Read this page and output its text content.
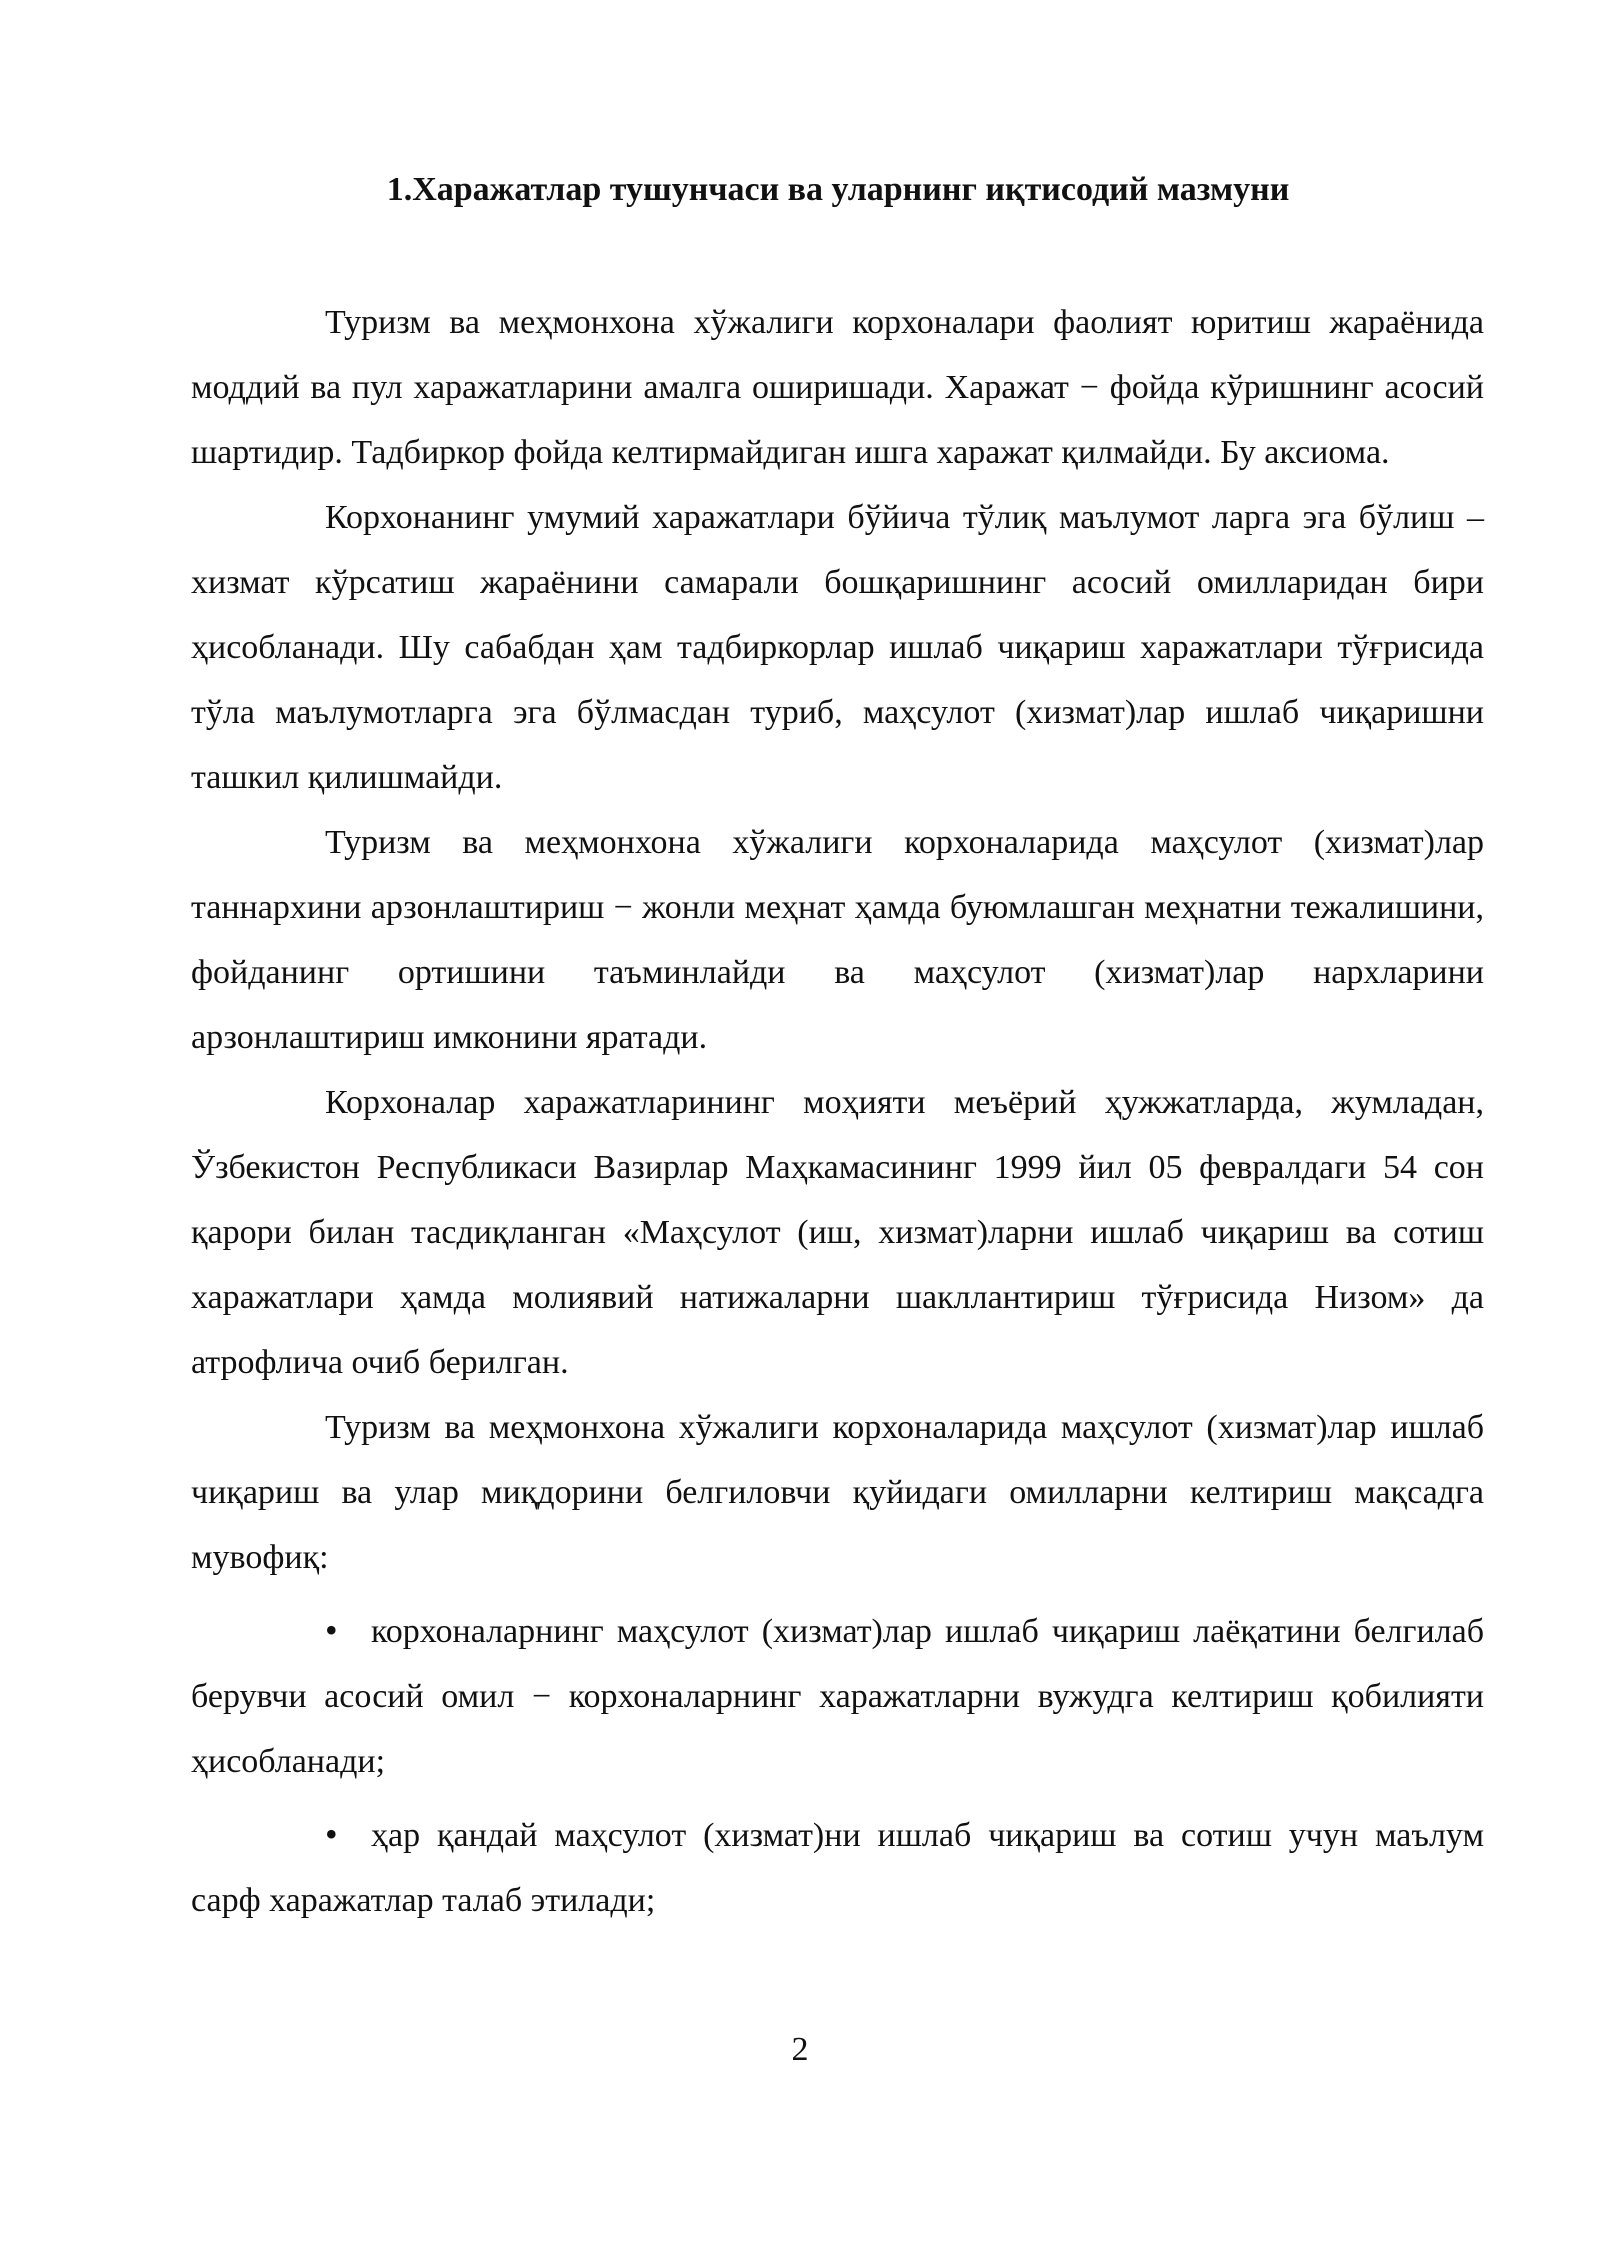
1.Харажатлар тушунчаси ва уларнинг иқтисодий мазмуни

Туризм ва меҳмонхона хўжалиги корхоналари фаолият юритиш жараёнида моддий ва пул харажатларини амалга оширишади. Харажат − фойда кўришнинг асосий шартидир. Тадбиркор фойда келтирмайдиган ишга харажат қилмайди. Бу аксиома.

Корхонанинг умумий харажатлари бўйича тўлиқ маълумот ларга эга бўлиш – хизмат кўрсатиш жараёнини самарали бошқаришнинг асосий омилларидан бири ҳисобланади. Шу сабабдан ҳам тадбиркорлар ишлаб чиқариш харажатлари тўғрисида тўла маълумотларга эга бўлмасдан туриб, маҳсулот (хизмат)лар ишлаб чиқаришни ташкил қилишмайди.

Туризм ва меҳмонхона хўжалиги корхоналарида маҳсулот (хизмат)лар таннархини арзонлаштириш − жонли меҳнат ҳамда буюмлашган меҳнатни тежалишини, фойданинг ортишини таъминлайди ва маҳсулот (хизмат)лар нархларини арзонлаштириш имконини яратади.

Корхоналар харажатларининг моҳияти меъёрий ҳужжатларда, жумладан, Ўзбекистон Республикаси Вазирлар Маҳкамасининг 1999 йил 05 февралдаги 54 сон қарори билан тасдиқланган «Маҳсулот (иш, хизмат)ларни ишлаб чиқариш ва сотиш харажатлари ҳамда молиявий натижаларни шакллантириш тўғрисида Низом» да атрофлича очиб берилган.

Туризм ва меҳмонхона хўжалиги корхоналарида маҳсулот (хизмат)лар ишлаб чиқариш ва улар миқдорини белгиловчи қуйидаги омилларни келтириш мақсадга мувофиқ:

• корхоналарнинг маҳсулот (хизмат)лар ишлаб чиқариш лаёқатини белгилаб берувчи асосий омил − корхоналарнинг харажатларни вужудга келтириш қобилияти ҳисобланади;

• ҳар қандай маҳсулот (хизмат)ни ишлаб чиқариш ва сотиш учун маълум сарф харажатлар талаб этилади;

2
